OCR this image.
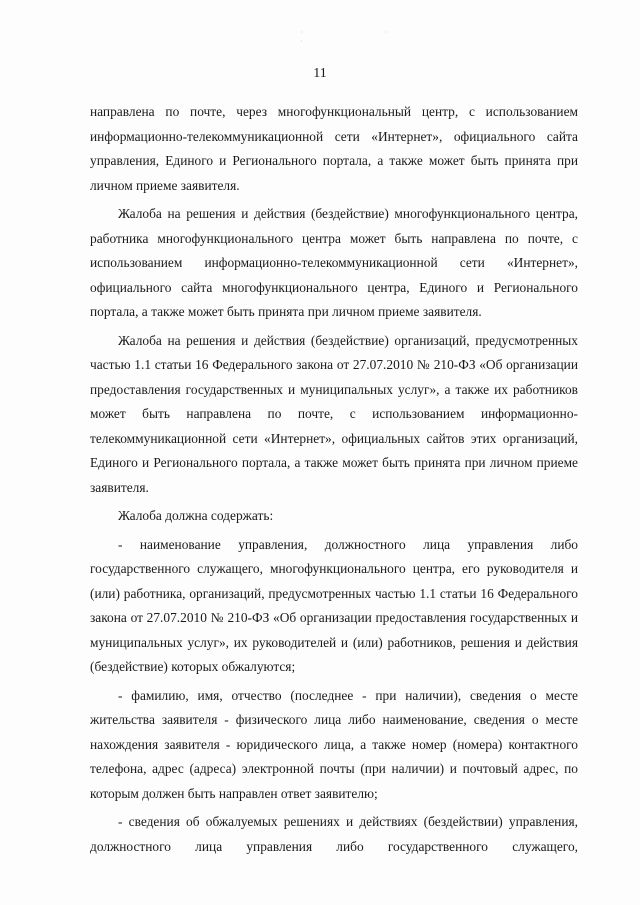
· · ·
11

направлена по почте, через многофункциональный центр, с использованием информационно-телекоммуникационной сети «Интернет», официального сайта управления, Единого и Регионального портала, а также может быть принята при личном приеме заявителя.

Жалоба на решения и действия (бездействие) многофункционального центра, работника многофункционального центра может быть направлена по почте, с использованием информационно-телекоммуникационной сети «Интернет», официального сайта многофункционального центра, Единого и Регионального портала, а также может быть принята при личном приеме заявителя.

Жалоба на решения и действия (бездействие) организаций, предусмотренных частью 1.1 статьи 16 Федерального закона от 27.07.2010 № 210-ФЗ «Об организации предоставления государственных и муниципальных услуг», а также их работников может быть направлена по почте, с использованием информационно-телекоммуникационной сети «Интернет», официальных сайтов этих организаций, Единого и Регионального портала, а также может быть принята при личном приеме заявителя.

Жалоба должна содержать:

- наименование управления, должностного лица управления либо государственного служащего, многофункционального центра, его руководителя и (или) работника, организаций, предусмотренных частью 1.1 статьи 16 Федерального закона от 27.07.2010 № 210-ФЗ «Об организации предоставления государственных и муниципальных услуг», их руководителей и (или) работников, решения и действия (бездействие) которых обжалуются;

- фамилию, имя, отчество (последнее - при наличии), сведения о месте жительства заявителя - физического лица либо наименование, сведения о месте нахождения заявителя - юридического лица, а также номер (номера) контактного телефона, адрес (адреса) электронной почты (при наличии) и почтовый адрес, по которым должен быть направлен ответ заявителю;

- сведения об обжалуемых решениях и действиях (бездействии) управления, должностного лица управления либо государственного служащего,
